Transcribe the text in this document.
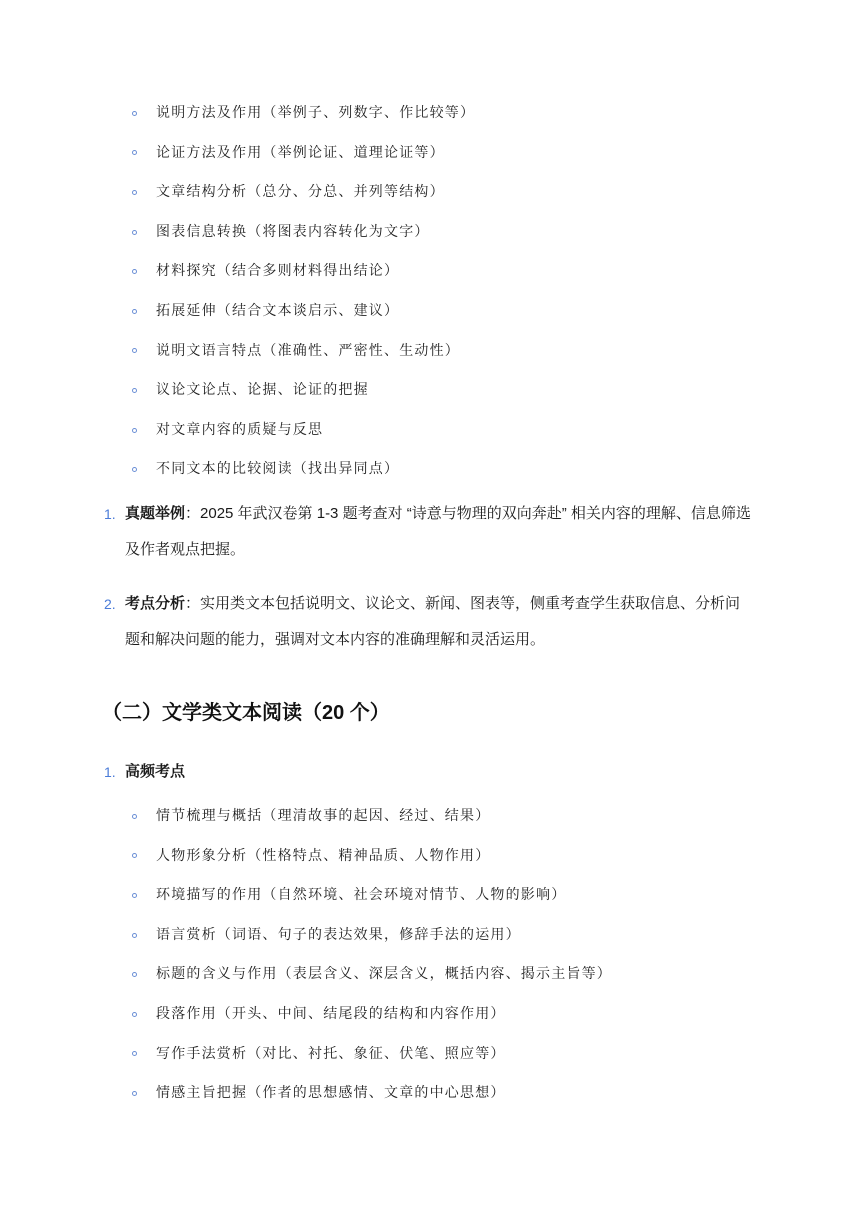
说明方法及作用（举例子、列数字、作比较等）
论证方法及作用（举例论证、道理论证等）
文章结构分析（总分、分总、并列等结构）
图表信息转换（将图表内容转化为文字）
材料探究（结合多则材料得出结论）
拓展延伸（结合文本谈启示、建议）
说明文语言特点（准确性、严密性、生动性）
议论文论点、论据、论证的把握
对文章内容的质疑与反思
不同文本的比较阅读（找出异同点）
1. 真题举例：2025 年武汉卷第 1-3 题考查对 “诗意与物理的双向奔赴” 相关内容的理解、信息筛选及作者观点把握。
2. 考点分析：实用类文本包括说明文、议论文、新闻、图表等，侧重考查学生获取信息、分析问题和解决问题的能力，强调对文本内容的准确理解和灵活运用。
（二）文学类文本阅读（20 个）
1. 高频考点
情节梳理与概括（理清故事的起因、经过、结果）
人物形象分析（性格特点、精神品质、人物作用）
环境描写的作用（自然环境、社会环境对情节、人物的影响）
语言赏析（词语、句子的表达效果，修辞手法的运用）
标题的含义与作用（表层含义、深层含义，概括内容、揭示主旨等）
段落作用（开头、中间、结尾段的结构和内容作用）
写作手法赏析（对比、衬托、象征、伏笔、照应等）
情感主旨把握（作者的思想感情、文章的中心思想）
